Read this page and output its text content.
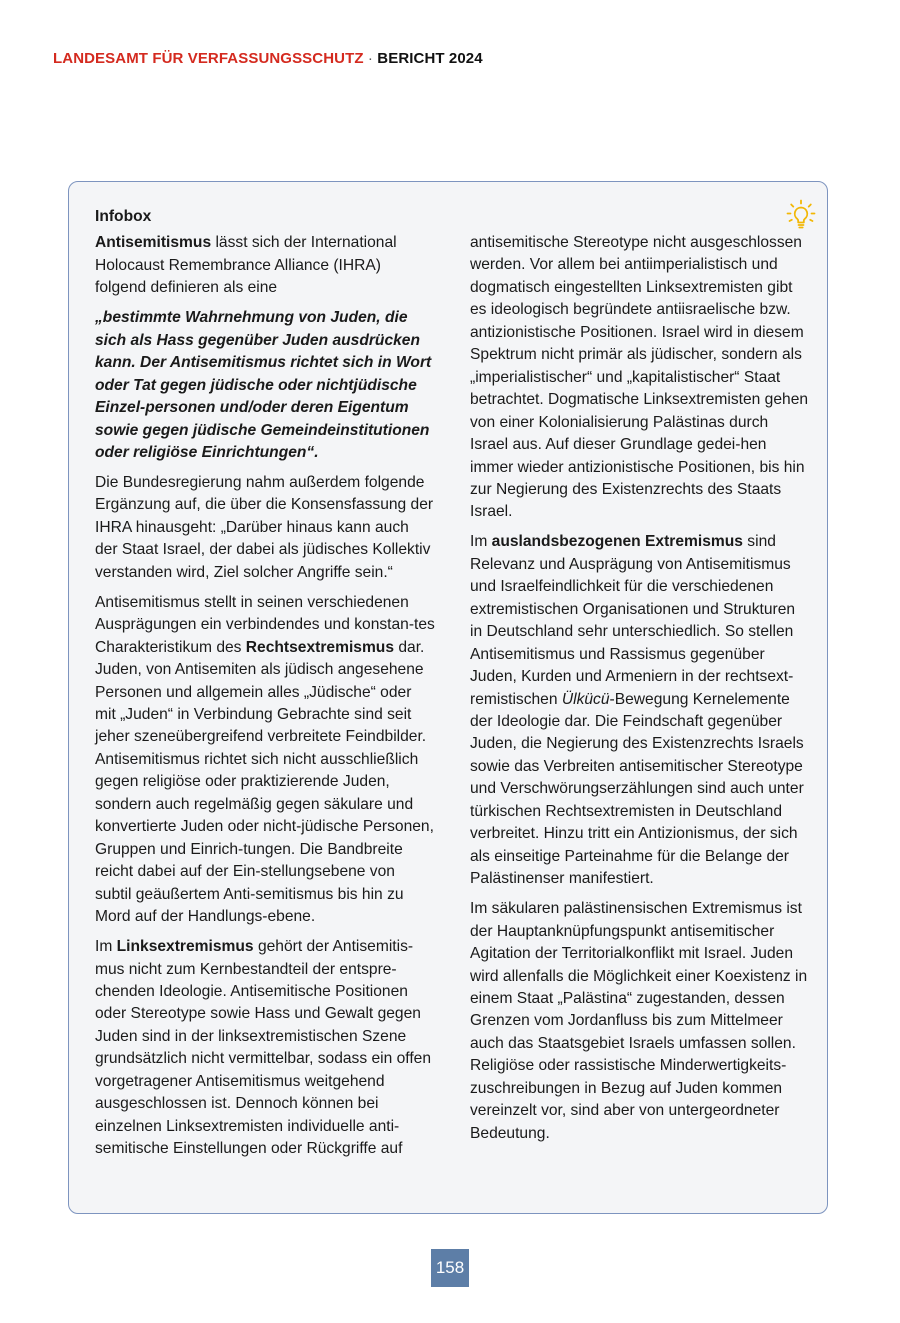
LANDESAMT FÜR VERFASSUNGSSCHUTZ · BERICHT 2024

Infobox

Antisemitismus lässt sich der International Holocaust Remembrance Alliance (IHRA) folgend definieren als eine

„bestimmte Wahrnehmung von Juden, die sich als Hass gegenüber Juden ausdrücken kann. Der Antisemitismus richtet sich in Wort oder Tat gegen jüdische oder nichtjüdische Einzel-personen und/oder deren Eigentum sowie gegen jüdische Gemeindeinstitutionen oder religiöse Einrichtungen“.

Die Bundesregierung nahm außerdem folgende Ergänzung auf, die über die Konsensfassung der IHRA hinausgeht: „Darüber hinaus kann auch der Staat Israel, der dabei als jüdisches Kollektiv verstanden wird, Ziel solcher Angriffe sein.“

Antisemitismus stellt in seinen verschiedenen Ausprägungen ein verbindendes und konstan-tes Charakteristikum des Rechtsextremismus dar. Juden, von Antisemiten als jüdisch angesehene Personen und allgemein alles „Jüdische“ oder mit „Juden“ in Verbindung Gebrachte sind seit jeher szeneübergreifend verbreitete Feindbilder. Antisemitismus richtet sich nicht ausschließlich gegen religiöse oder praktizierende Juden, sondern auch regelmäßig gegen säkulare und konvertierte Juden oder nicht-jüdische Personen, Gruppen und Einrich-tungen. Die Bandbreite reicht dabei auf der Ein-stellungsebene von subtil geäußertem Anti-semitismus bis hin zu Mord auf der Handlungs-ebene.

Im Linksextremismus gehört der Antisemitis-mus nicht zum Kernbestandteil der entspre-chenden Ideologie. Antisemitische Positionen oder Stereotype sowie Hass und Gewalt gegen Juden sind in der linksextremistischen Szene grundsätzlich nicht vermittelbar, sodass ein offen vorgetragener Antisemitismus weitgehend ausgeschlossen ist. Dennoch können bei einzelnen Linksextremisten individuelle anti-semitische Einstellungen oder Rückgriffe auf

antisemitische Stereotype nicht ausgeschlossen werden. Vor allem bei antiimperialistisch und dogmatisch eingestellten Linksextremisten gibt es ideologisch begründete antiisraelische bzw. antizionistische Positionen. Israel wird in diesem Spektrum nicht primär als jüdischer, sondern als „imperialistischer“ und „kapitalistischer“ Staat betrachtet. Dogmatische Linksextremisten gehen von einer Kolonialisierung Palästinas durch Israel aus. Auf dieser Grundlage gedei-hen immer wieder antizionistische Positionen, bis hin zur Negierung des Existenzrechts des Staats Israel.

Im auslandsbezogenen Extremismus sind Relevanz und Ausprägung von Antisemitismus und Israelfeindlichkeit für die verschiedenen extremistischen Organisationen und Strukturen in Deutschland sehr unterschiedlich. So stellen Antisemitismus und Rassismus gegenüber Juden, Kurden und Armeniern in der rechtsext-remistischen Ülkücü-Bewegung Kernelemente der Ideologie dar. Die Feindschaft gegenüber Juden, die Negierung des Existenzrechts Israels sowie das Verbreiten antisemitischer Stereotype und Verschwörungserzählungen sind auch unter türkischen Rechtsextremisten in Deutschland verbreitet. Hinzu tritt ein Antizionismus, der sich als einseitige Parteinahme für die Belange der Palästinenser manifestiert.

Im säkularen palästinensischen Extremismus ist der Hauptanknüpfungspunkt antisemitischer Agitation der Territorialkonflikt mit Israel. Juden wird allenfalls die Möglichkeit einer Koexistenz in einem Staat „Palästina“ zugestanden, dessen Grenzen vom Jordanfluss bis zum Mittelmeer auch das Staatsgebiet Israels umfassen sollen. Religiöse oder rassistische Minderwertigkeits-zuschreibungen in Bezug auf Juden kommen vereinzelt vor, sind aber von untergeordneter Bedeutung.

158
